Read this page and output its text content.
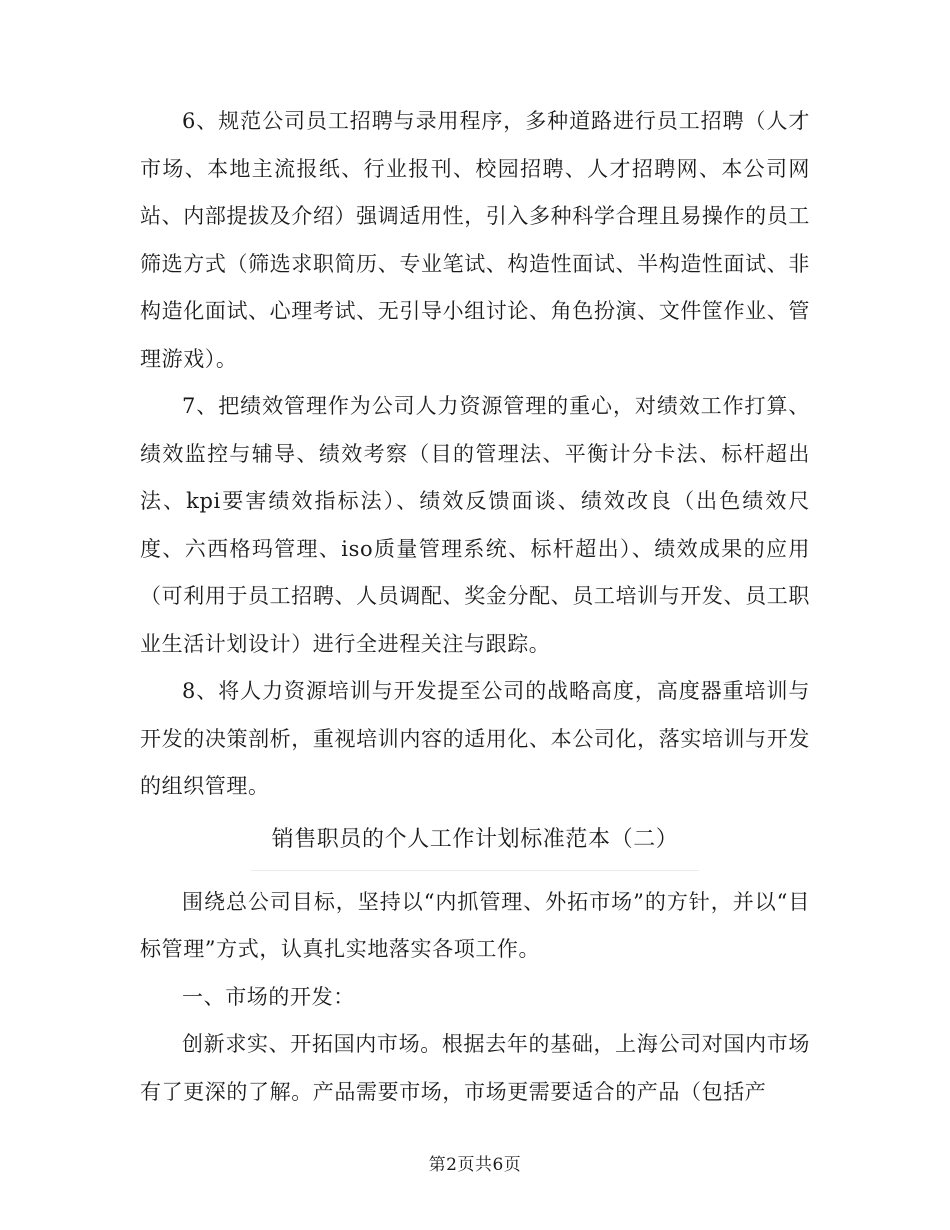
6、规范公司员工招聘与录用程序，多种道路进行员工招聘（人才市场、本地主流报纸、行业报刊、校园招聘、人才招聘网、本公司网站、内部提拔及介绍）强调适用性，引入多种科学合理且易操作的员工筛选方式（筛选求职简历、专业笔试、构造性面试、半构造性面试、非构造化面试、心理考试、无引导小组讨论、角色扮演、文件筐作业、管理游戏）。

7、把绩效管理作为公司人力资源管理的重心，对绩效工作打算、绩效监控与辅导、绩效考察（目的管理法、平衡计分卡法、标杆超出法、kpi要害绩效指标法）、绩效反馈面谈、绩效改良（出色绩效尺度、六西格玛管理、iso质量管理系统、标杆超出）、绩效成果的应用（可利用于员工招聘、人员调配、奖金分配、员工培训与开发、员工职业生活计划设计）进行全进程关注与跟踪。

8、将人力资源培训与开发提至公司的战略高度，高度器重培训与开发的决策剖析，重视培训内容的适用化、本公司化，落实培训与开发的组织管理。

销售职员的个人工作计划标准范本（二）

围绕总公司目标，坚持以“内抓管理、外拓市场”的方针，并以“目标管理”方式，认真扎实地落实各项工作。

一、市场的开发：

创新求实、开拓国内市场。根据去年的基础，上海公司对国内市场有了更深的了解。产品需要市场，市场更需要适合的产品（包括产

第2页共6页
